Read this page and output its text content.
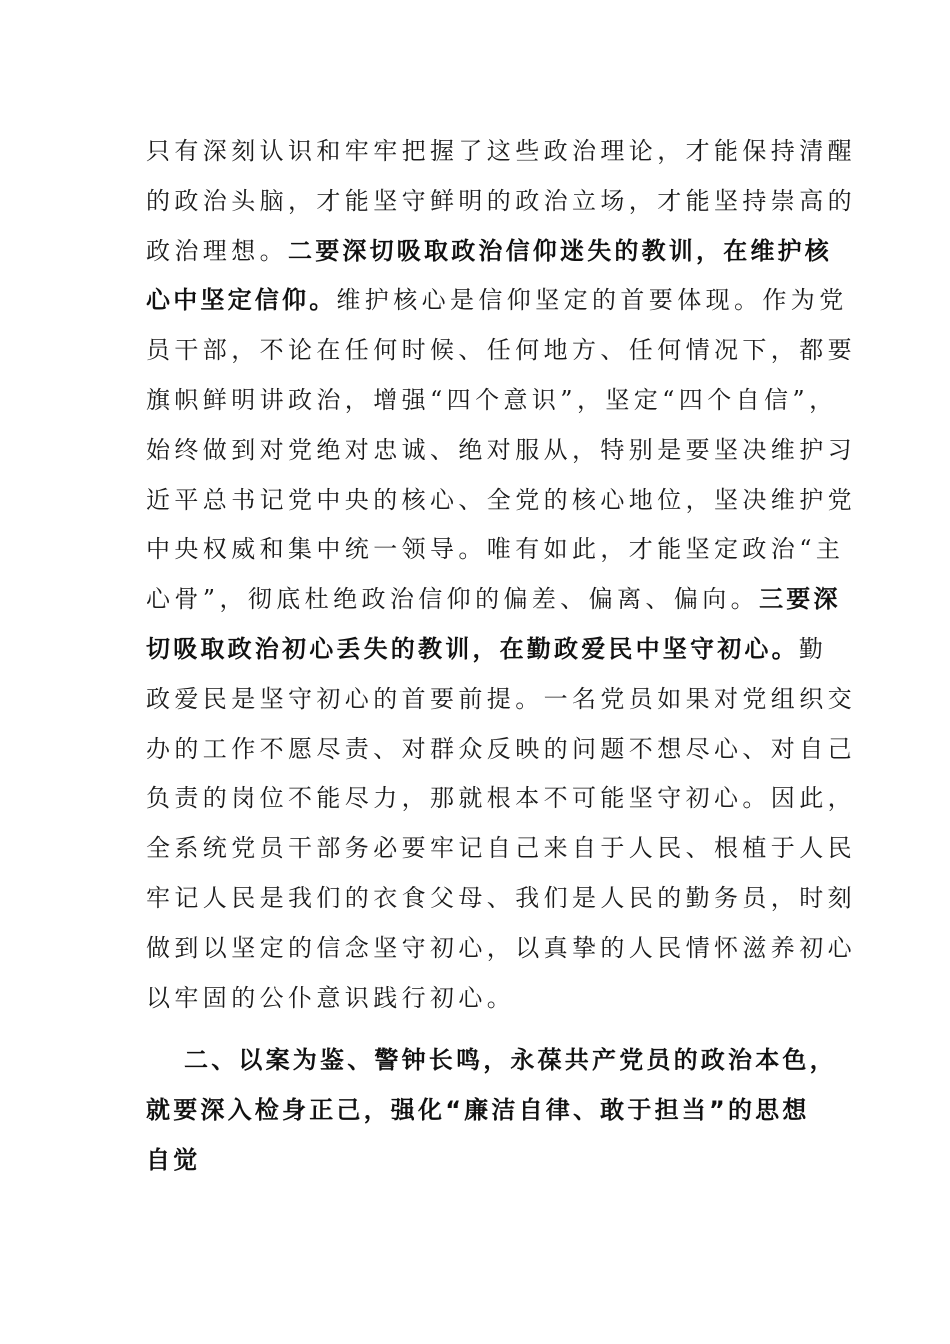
只有深刻认识和牢牢把握了这些政治理论，才能保持清醒
的政治头脑，才能坚守鲜明的政治立场，才能坚持崇高的
政治理想。二要深切吸取政治信仰迷失的教训，在维护核
心中坚定信仰。维护核心是信仰坚定的首要体现。作为党
员干部，不论在任何时候、任何地方、任何情况下，都要
旗帜鲜明讲政治，增强“四个意识”，坚定“四个自信”，
始终做到对党绝对忠诚、绝对服从，特别是要坚决维护习
近平总书记党中央的核心、全党的核心地位，坚决维护党
中央权威和集中统一领导。唯有如此，才能坚定政治“主
心骨”，彻底杜绝政治信仰的偏差、偏离、偏向。三要深
切吸取政治初心丢失的教训，在勤政爱民中坚守初心。勤
政爱民是坚守初心的首要前提。一名党员如果对党组织交
办的工作不愿尽责、对群众反映的问题不想尽心、对自己
负责的岗位不能尽力，那就根本不可能坚守初心。因此，
全系统党员干部务必要牢记自己来自于人民、根植于人民
牢记人民是我们的衣食父母、我们是人民的勤务员，时刻
做到以坚定的信念坚守初心，以真挚的人民情怀滋养初心
以牢固的公仆意识践行初心。
二、以案为鉴、警钟长鸣，永葆共产党员的政治本色，
就要深入检身正己，强化“廉洁自律、敢于担当”的思想
自觉
